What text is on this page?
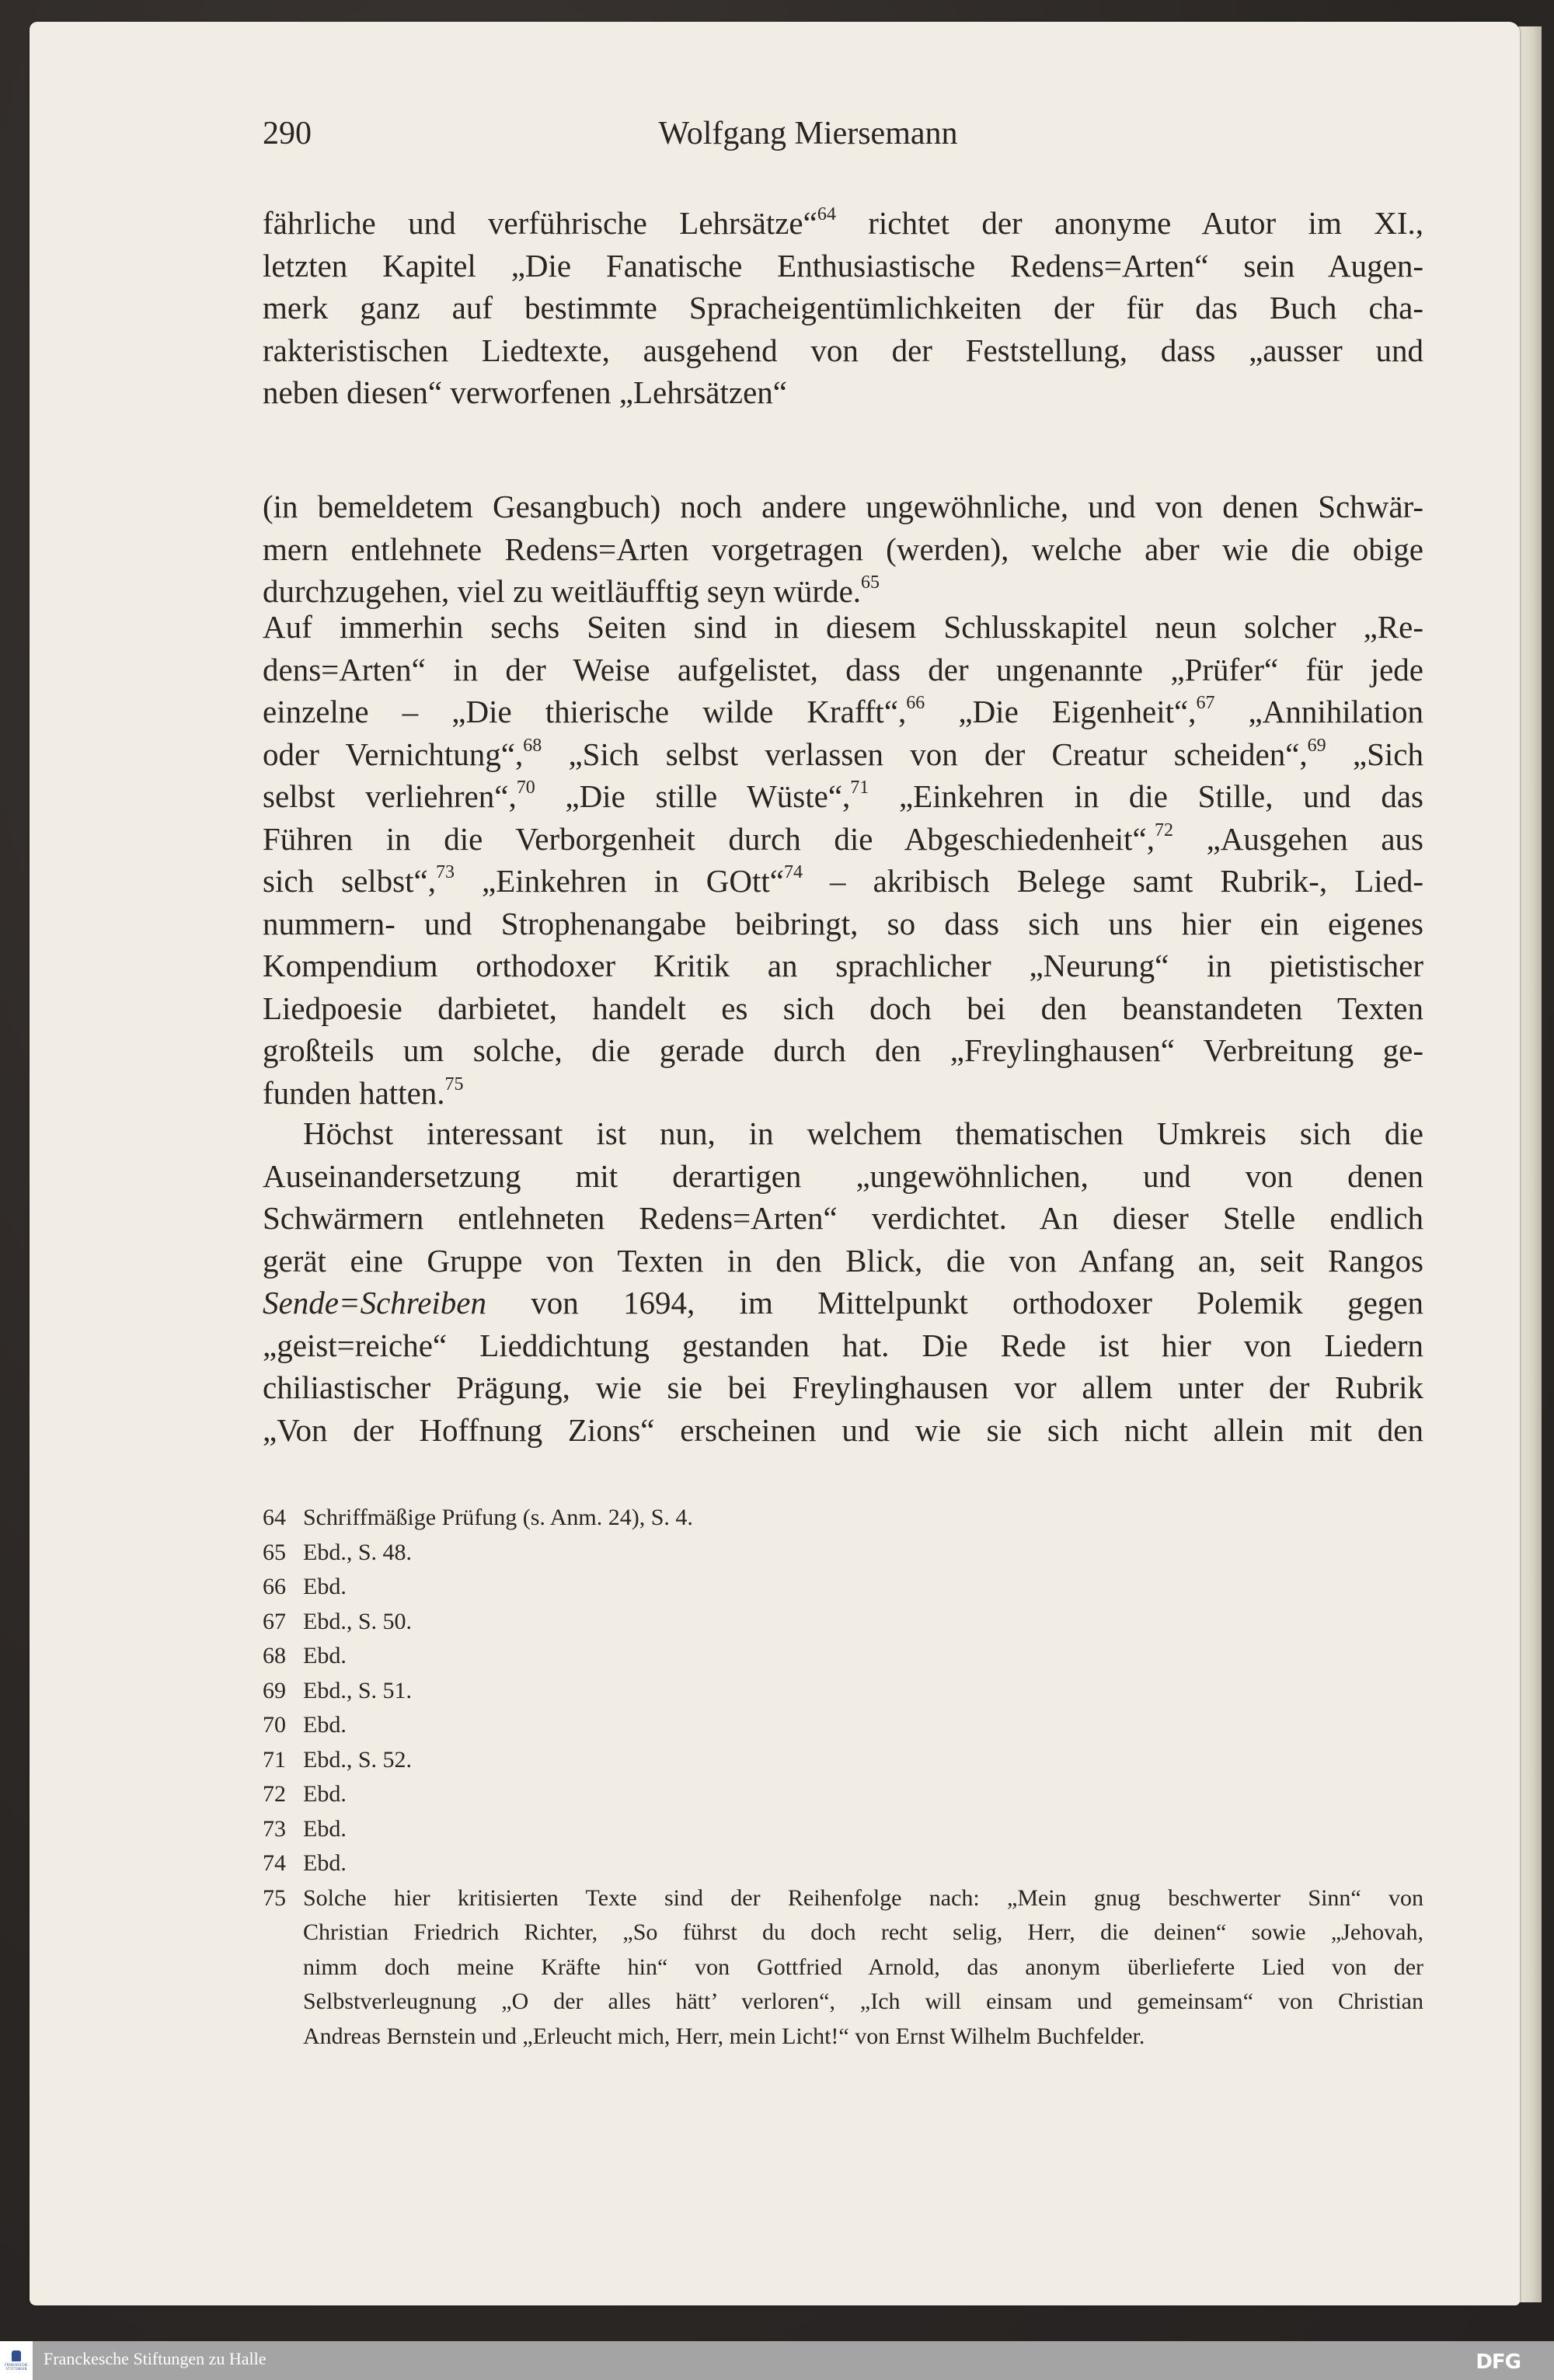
290	Wolfgang Miersemann
fährliche und verführische Lehrsätze“$^{64}$ richtet der anonyme Autor im XI.,
letzten Kapitel „Die Fanatische Enthusiastische Redens=Arten“ sein Augen-
merk ganz auf bestimmte Spracheigentümlichkeiten der für das Buch cha-
rakteristischen Liedtexte, ausgehend von der Feststellung, dass „ausser und
neben diesen“ verworfenen „Lehrsätzen“
(in bemeldetem Gesangbuch) noch andere ungewöhnliche, und von denen Schwär-
mern entlehnete Redens=Arten vorgetragen (werden), welche aber wie die obige
durchzugehen, viel zu weitläufftig seyn würde.$^{65}$
Auf immerhin sechs Seiten sind in diesem Schlusskapitel neun solcher „Re-
dens=Arten“ in der Weise aufgelistet, dass der ungenannte „Prüfer“ für jede
einzelne – „Die thierische wilde Krafft“,$^{66}$ „Die Eigenheit“,$^{67}$ „Annihilation
oder Vernichtung“,$^{68}$ „Sich selbst verlassen von der Creatur scheiden“,$^{69}$ „Sich
selbst verliehren“,$^{70}$ „Die stille Wüste“,$^{71}$ „Einkehren in die Stille, und das
Führen in die Verborgenheit durch die Abgeschiedenheit“,$^{72}$ „Ausgehen aus
sich selbst“,$^{73}$ „Einkehren in GOtt“$^{74}$ – akribisch Belege samt Rubrik-, Lied-
nummern- und Strophenangabe beibringt, so dass sich uns hier ein eigenes
Kompendium orthodoxer Kritik an sprachlicher „Neurung“ in pietistischer
Liedpoesie darbietet, handelt es sich doch bei den beanstandeten Texten
großteils um solche, die gerade durch den „Freylinghausen“ Verbreitung ge-
funden hatten.$^{75}$
Höchst interessant ist nun, in welchem thematischen Umkreis sich die
Auseinandersetzung mit derartigen „ungewöhnlichen, und von denen
Schwärmern entlehneten Redens=Arten“ verdichtet. An dieser Stelle endlich
gerät eine Gruppe von Texten in den Blick, die von Anfang an, seit Rangos
Sende=Schreiben von 1694, im Mittelpunkt orthodoxer Polemik gegen
„geist=reiche“ Lieddichtung gestanden hat. Die Rede ist hier von Liedern
chiliastischer Prägung, wie sie bei Freylinghausen vor allem unter der Rubrik
„Von der Hoffnung Zions“ erscheinen und wie sie sich nicht allein mit den
64 Schriffmäßige Prüfung (s. Anm. 24), S. 4.
65 Ebd., S. 48.
66 Ebd.
67 Ebd., S. 50.
68 Ebd.
69 Ebd., S. 51.
70 Ebd.
71 Ebd., S. 52.
72 Ebd.
73 Ebd.
74 Ebd.
75 Solche hier kritisierten Texte sind der Reihenfolge nach: „Mein gnug beschwerter Sinn“ von
Christian Friedrich Richter, „So führst du doch recht selig, Herr, die deinen“ sowie „Jehovah,
nimm doch meine Kräfte hin“ von Gottfried Arnold, das anonym überlieferte Lied von der
Selbstverleugnung „O der alles hätt’ verloren“, „Ich will einsam und gemeinsam“ von Christian
Andreas Bernstein und „Erleucht mich, Herr, mein Licht!“ von Ernst Wilhelm Buchfelder.
FRANCKESCHE
STIFTUNGEN
Franckesche Stiftungen zu Halle	DFG
